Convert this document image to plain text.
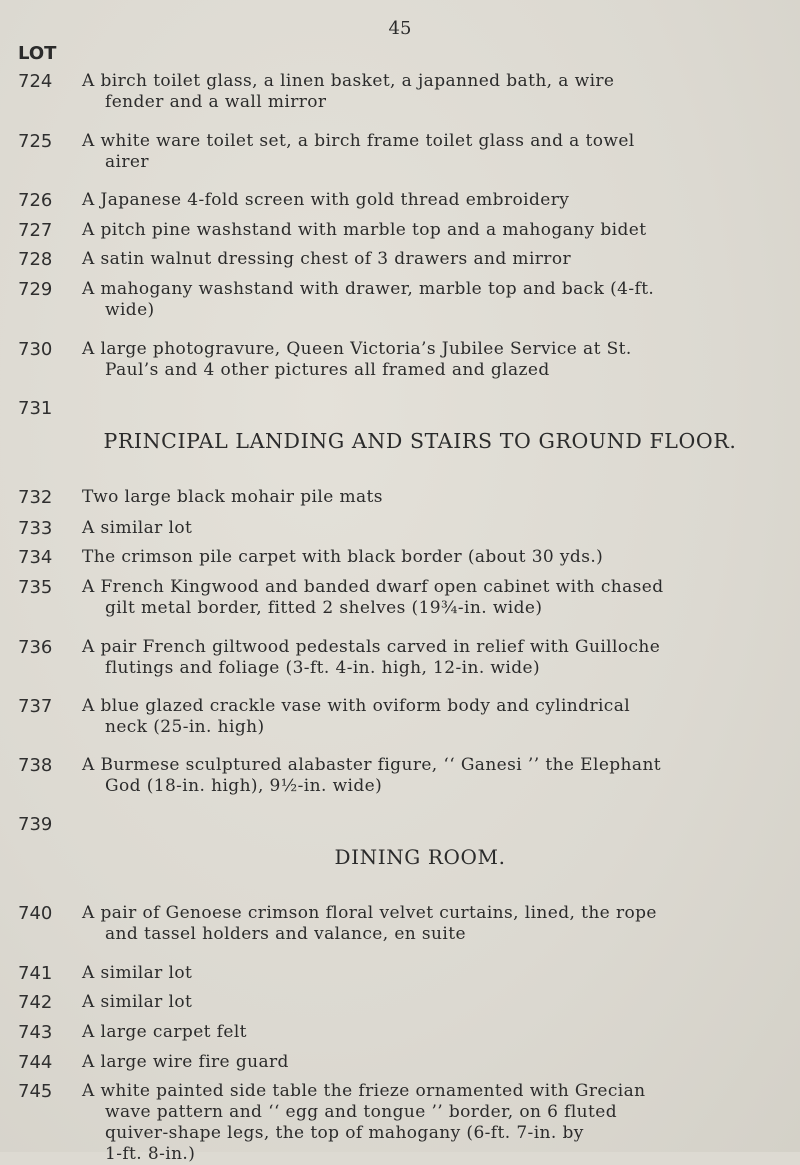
45
LOT
724
725
726
727
728
729
730
731
732
733
734
735
736
737
738
739
740
741
742
743
744
745
A birch toilet glass, a linen basket, a japanned bath, a wire
fender and a wall mirror
A white ware toilet set, a birch frame toilet glass and a towel
airer
A Japanese 4-fold screen with gold thread embroidery
A pitch pine washstand with marble top and a mahogany bidet
A satin walnut dressing chest of 3 drawers and mirror
A mahogany washstand with drawer, marble top and back (4-ft.
wide)
A large photogravure, Queen Victoria’s Jubilee Service at St.
Paul’s and 4 other pictures all framed and glazed
PRINCIPAL LANDING AND STAIRS TO GROUND FLOOR.
Two large black mohair pile mats
A similar lot
The crimson pile carpet with black border (about 30 yds.)
A French Kingwood and banded dwarf open cabinet with chased
gilt metal border, fitted 2 shelves (19¾-in. wide)
A pair French giltwood pedestals carved in relief with Guilloche
flutings and foliage (3-ft. 4-in. high, 12-in. wide)
A blue glazed crackle vase with oviform body and cylindrical
neck (25-in. high)
A Burmese sculptured alabaster figure, ‘‘ Ganesi ’’ the Elephant
God (18-in. high), 9½-in. wide)
DINING ROOM.
A pair of Genoese crimson floral velvet curtains, lined, the rope
and tassel holders and valance, en suite
A similar lot
A similar lot
A large carpet felt
A large wire fire guard
A white painted side table the frieze ornamented with Grecian
wave pattern and ‘‘ egg and tongue ’’ border, on 6 fluted
quiver-shape legs, the top of mahogany (6-ft. 7-in. by
1-ft. 8-in.)
